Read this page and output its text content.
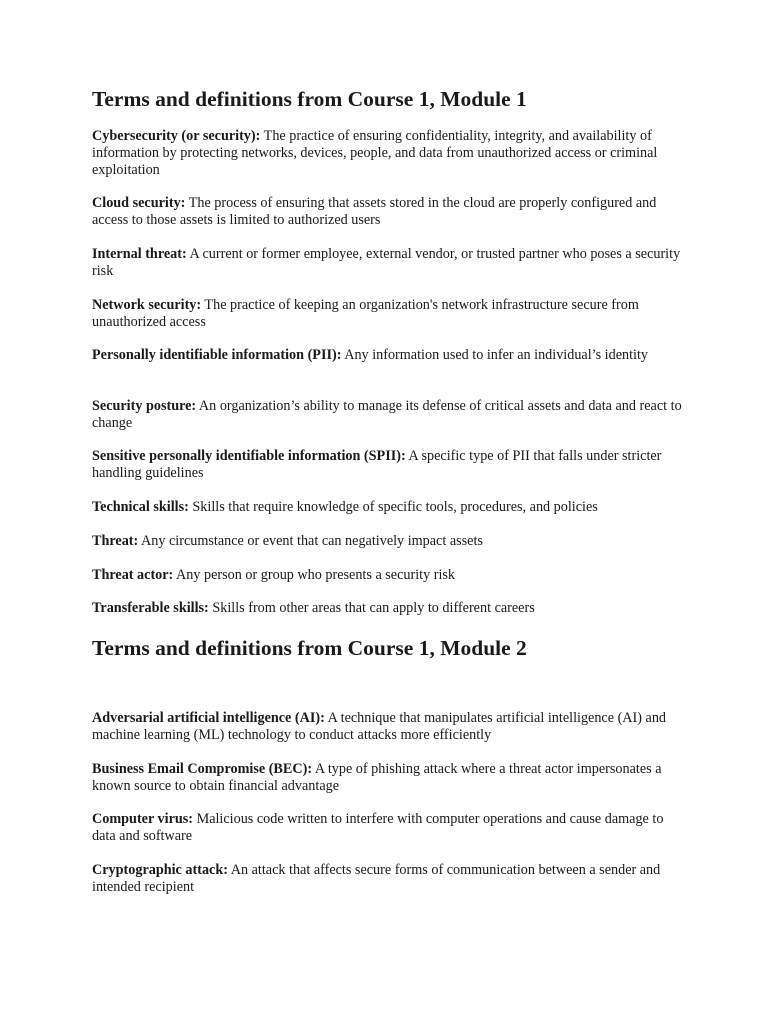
Terms and definitions from Course 1, Module 1

Cybersecurity (or security): The practice of ensuring confidentiality, integrity, and availability of information by protecting networks, devices, people, and data from unauthorized access or criminal exploitation

Cloud security: The process of ensuring that assets stored in the cloud are properly configured and access to those assets is limited to authorized users

Internal threat: A current or former employee, external vendor, or trusted partner who poses a security risk

Network security: The practice of keeping an organization's network infrastructure secure from unauthorized access

Personally identifiable information (PII): Any information used to infer an individual’s identity

Security posture: An organization’s ability to manage its defense of critical assets and data and react to change

Sensitive personally identifiable information (SPII): A specific type of PII that falls under stricter handling guidelines

Technical skills: Skills that require knowledge of specific tools, procedures, and policies

Threat: Any circumstance or event that can negatively impact assets

Threat actor: Any person or group who presents a security risk

Transferable skills: Skills from other areas that can apply to different careers

Terms and definitions from Course 1, Module 2

Adversarial artificial intelligence (AI): A technique that manipulates artificial intelligence (AI) and machine learning (ML) technology to conduct attacks more efficiently

Business Email Compromise (BEC): A type of phishing attack where a threat actor impersonates a known source to obtain financial advantage

Computer virus: Malicious code written to interfere with computer operations and cause damage to data and software

Cryptographic attack: An attack that affects secure forms of communication between a sender and intended recipient
